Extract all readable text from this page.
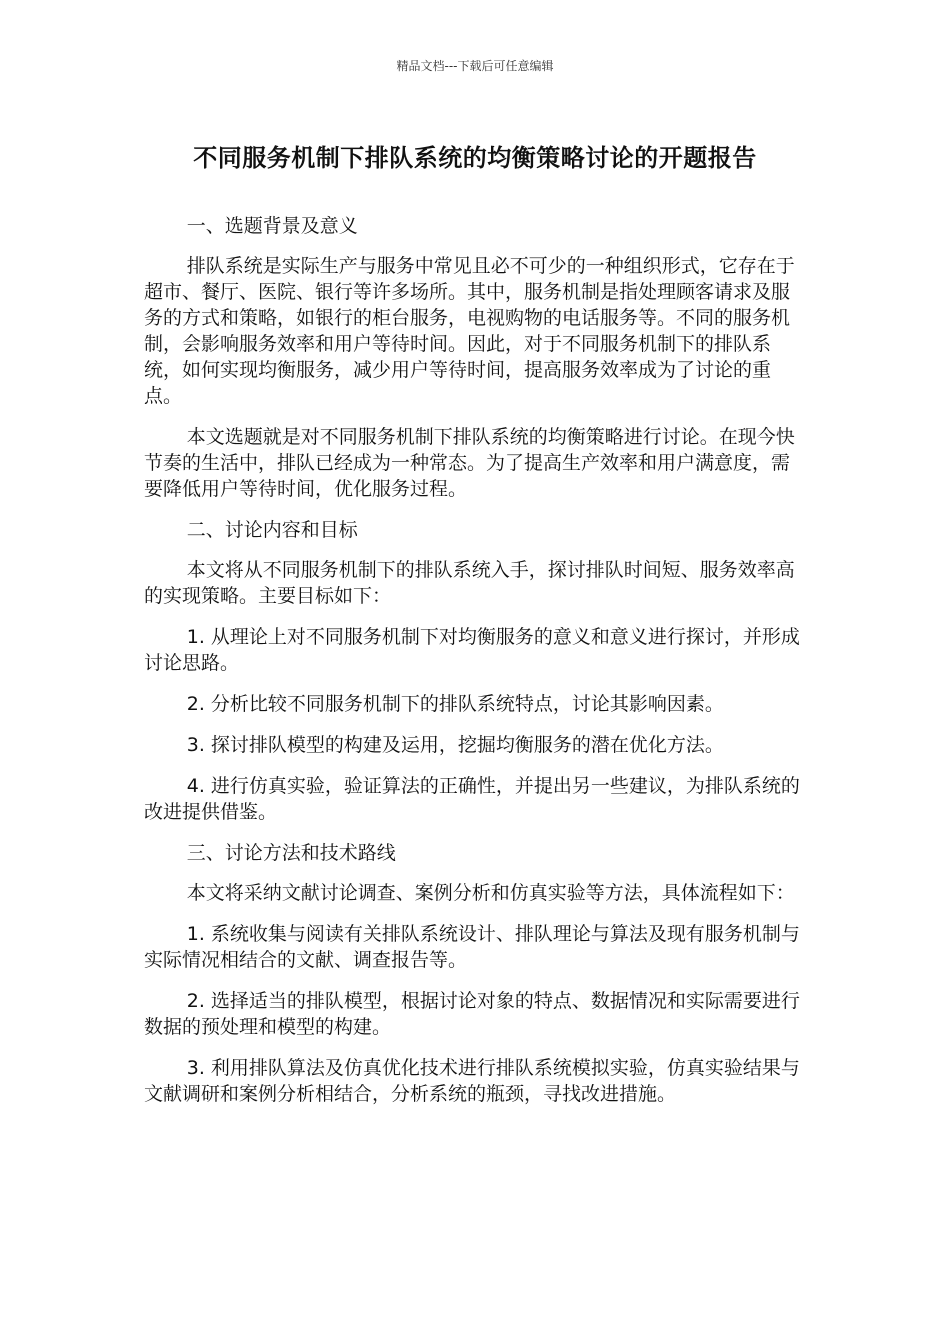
精品文档---下载后可任意编辑
不同服务机制下排队系统的均衡策略讨论的开题报告

一、选题背景及意义

排队系统是实际生产与服务中常见且必不可少的一种组织形式，它存在于超市、餐厅、医院、银行等许多场所。其中，服务机制是指处理顾客请求及服务的方式和策略，如银行的柜台服务，电视购物的电话服务等。不同的服务机制，会影响服务效率和用户等待时间。因此，对于不同服务机制下的排队系统，如何实现均衡服务，减少用户等待时间，提高服务效率成为了讨论的重点。

本文选题就是对不同服务机制下排队系统的均衡策略进行讨论。在现今快节奏的生活中，排队已经成为一种常态。为了提高生产效率和用户满意度，需要降低用户等待时间，优化服务过程。

二、讨论内容和目标

本文将从不同服务机制下的排队系统入手，探讨排队时间短、服务效率高的实现策略。主要目标如下：

1. 从理论上对不同服务机制下对均衡服务的意义和意义进行探讨，并形成讨论思路。

2. 分析比较不同服务机制下的排队系统特点，讨论其影响因素。

3. 探讨排队模型的构建及运用，挖掘均衡服务的潜在优化方法。

4. 进行仿真实验，验证算法的正确性，并提出另一些建议，为排队系统的改进提供借鉴。

三、讨论方法和技术路线

本文将采纳文献讨论调查、案例分析和仿真实验等方法，具体流程如下：

1. 系统收集与阅读有关排队系统设计、排队理论与算法及现有服务机制与实际情况相结合的文献、调查报告等。

2. 选择适当的排队模型，根据讨论对象的特点、数据情况和实际需要进行数据的预处理和模型的构建。

3. 利用排队算法及仿真优化技术进行排队系统模拟实验，仿真实验结果与文献调研和案例分析相结合，分析系统的瓶颈，寻找改进措施。
